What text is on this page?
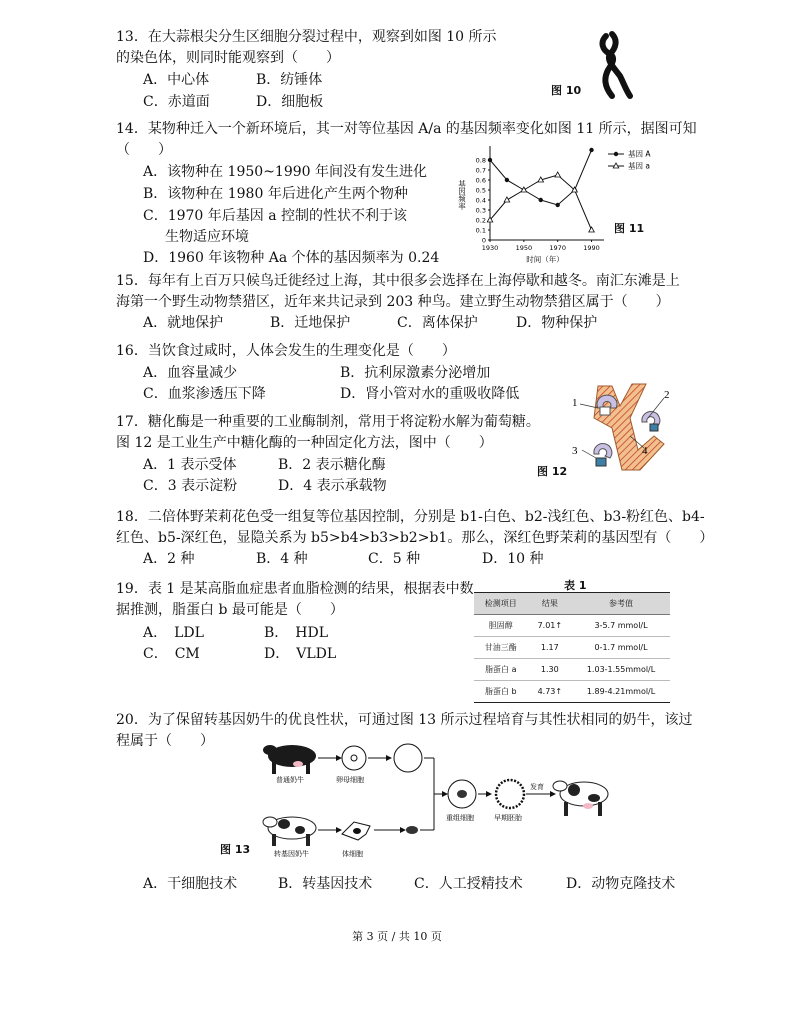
13．在大蒜根尖分生区细胞分裂过程中，观察到如图 10 所示
的染色体，则同时能观察到（　　）
A．中心体	B．纺锤体
C．赤道面	D．细胞板
图 10
14．某物种迁入一个新环境后，其一对等位基因 A/a 的基因频率变化如图 11 所示，据图可知
（　　）
A．该物种在 1950~1990 年间没有发生进化
B．该物种在 1980 年后进化产生两个物种
C．1970 年后基因 a 控制的性状不利于该
生物适应环境
D．1960 年该物种 Aa 个体的基因频率为 0.24
0
0.1
0.2
0.3
0.4
0.5
0.6
0.7
0.8
1930	1950	1970	1990
时间（年）
基因频率
基因 A
基因 a
图 11
15．每年有上百万只候鸟迁徙经过上海，其中很多会选择在上海停歇和越冬。南汇东滩是上
海第一个野生动物禁猎区，近年来共记录到 203 种鸟。建立野生动物禁猎区属于（　　）
A．就地保护	B．迁地保护	C．离体保护	D．物种保护
16．当饮食过咸时，人体会发生的生理变化是（　　）
A．血容量减少	B．抗利尿激素分泌增加
C．血浆渗透压下降	D．肾小管对水的重吸收降低
17．糖化酶是一种重要的工业酶制剂，常用于将淀粉水解为葡萄糖。
图 12 是工业生产中糖化酶的一种固定化方法，图中（　　）
A．1 表示受体	B．2 表示糖化酶
C．3 表示淀粉	D．4 表示承载物
1
2
3	4
图 12
18．二倍体野茉莉花色受一组复等位基因控制，分别是 b1-白色、b2-浅红色、b3-粉红色、b4-
红色、b5-深红色，显隐关系为 b5>b4>b3>b2>b1。那么，深红色野茉莉的基因型有（　　）
A．2 种	B．4 种	C．5 种	D．10 种
19．表 1 是某高脂血症患者血脂检测的结果，根据表中数
据推测，脂蛋白 b 最可能是（　　）
A．　LDL	B．　HDL
C．　CM	D．　VLDL
表 1
检测项目	结果	参考值
胆固醇	7.01↑	3-5.7 mmol/L
甘油三酯	1.17	0-1.7 mmol/L
脂蛋白 a	1.30	1.03-1.55mmol/L
脂蛋白 b	4.73↑	1.89-4.21mmol/L
20．为了保留转基因奶牛的优良性状，可通过图 13 所示过程培育与其性状相同的奶牛，该过
程属于（　　）
普通奶牛	卵母细胞
转基因奶牛	体细胞
重组细胞	早期胚胎
发育
图 13
A．干细胞技术	B．转基因技术	C．人工授精技术	D．动物克隆技术
第 3 页 / 共 10 页
